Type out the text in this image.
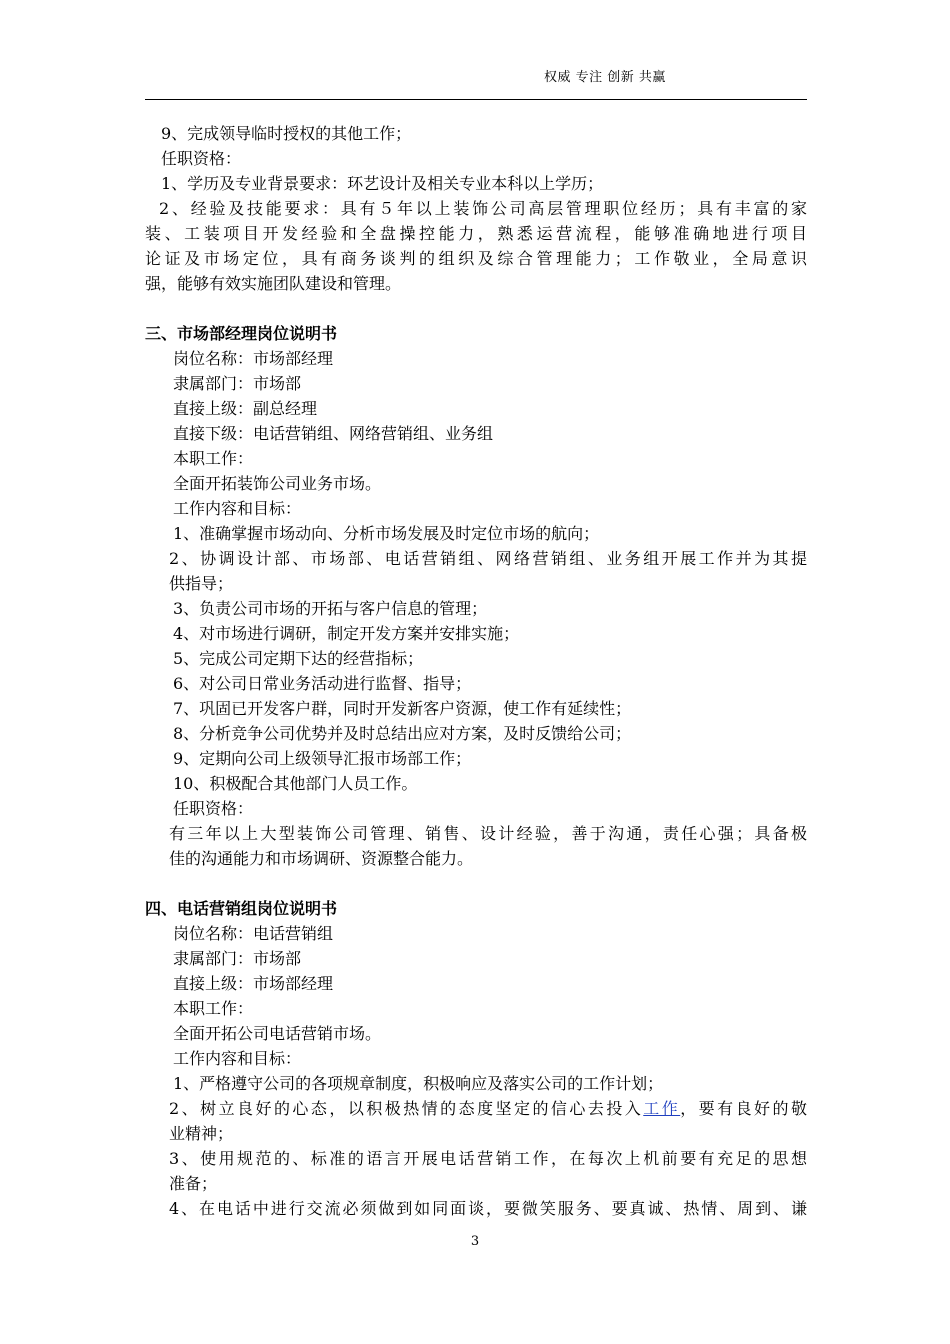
权威 专注 创新 共赢

9、完成领导临时授权的其他工作；

任职资格：

1、学历及专业背景要求：环艺设计及相关专业本科以上学历；

2、经验及技能要求：具有５年以上装饰公司高层管理职位经历；具有丰富的家

装、工装项目开发经验和全盘操控能力，熟悉运营流程，能够准确地进行项目

论证及市场定位，具有商务谈判的组织及综合管理能力；工作敬业，全局意识

强，能够有效实施团队建设和管理。

三、市场部经理岗位说明书

岗位名称：市场部经理

隶属部门：市场部

直接上级：副总经理

直接下级：电话营销组、网络营销组、业务组

本职工作：

全面开拓装饰公司业务市场。

工作内容和目标：

1、准确掌握市场动向、分析市场发展及时定位市场的航向；

2、协调设计部、市场部、电话营销组、网络营销组、业务组开展工作并为其提

供指导；

3、负责公司市场的开拓与客户信息的管理；

4、对市场进行调研，制定开发方案并安排实施；

5、完成公司定期下达的经营指标；

6、对公司日常业务活动进行监督、指导；

7、巩固已开发客户群，同时开发新客户资源，使工作有延续性；

8、分析竞争公司优势并及时总结出应对方案，及时反馈给公司；

9、定期向公司上级领导汇报市场部工作；

10、积极配合其他部门人员工作。

任职资格：

有三年以上大型装饰公司管理、销售、设计经验，善于沟通，责任心强；具备极

佳的沟通能力和市场调研、资源整合能力。

四、电话营销组岗位说明书

岗位名称：电话营销组

隶属部门：市场部

直接上级：市场部经理

本职工作：

全面开拓公司电话营销市场。

工作内容和目标：

1、严格遵守公司的各项规章制度，积极响应及落实公司的工作计划；

2、树立良好的心态，以积极热情的态度坚定的信心去投入工作，要有良好的敬

业精神；

3、使用规范的、标准的语言开展电话营销工作，在每次上机前要有充足的思想

准备；

4、在电话中进行交流必须做到如同面谈，要微笑服务、要真诚、热情、周到、谦

3
